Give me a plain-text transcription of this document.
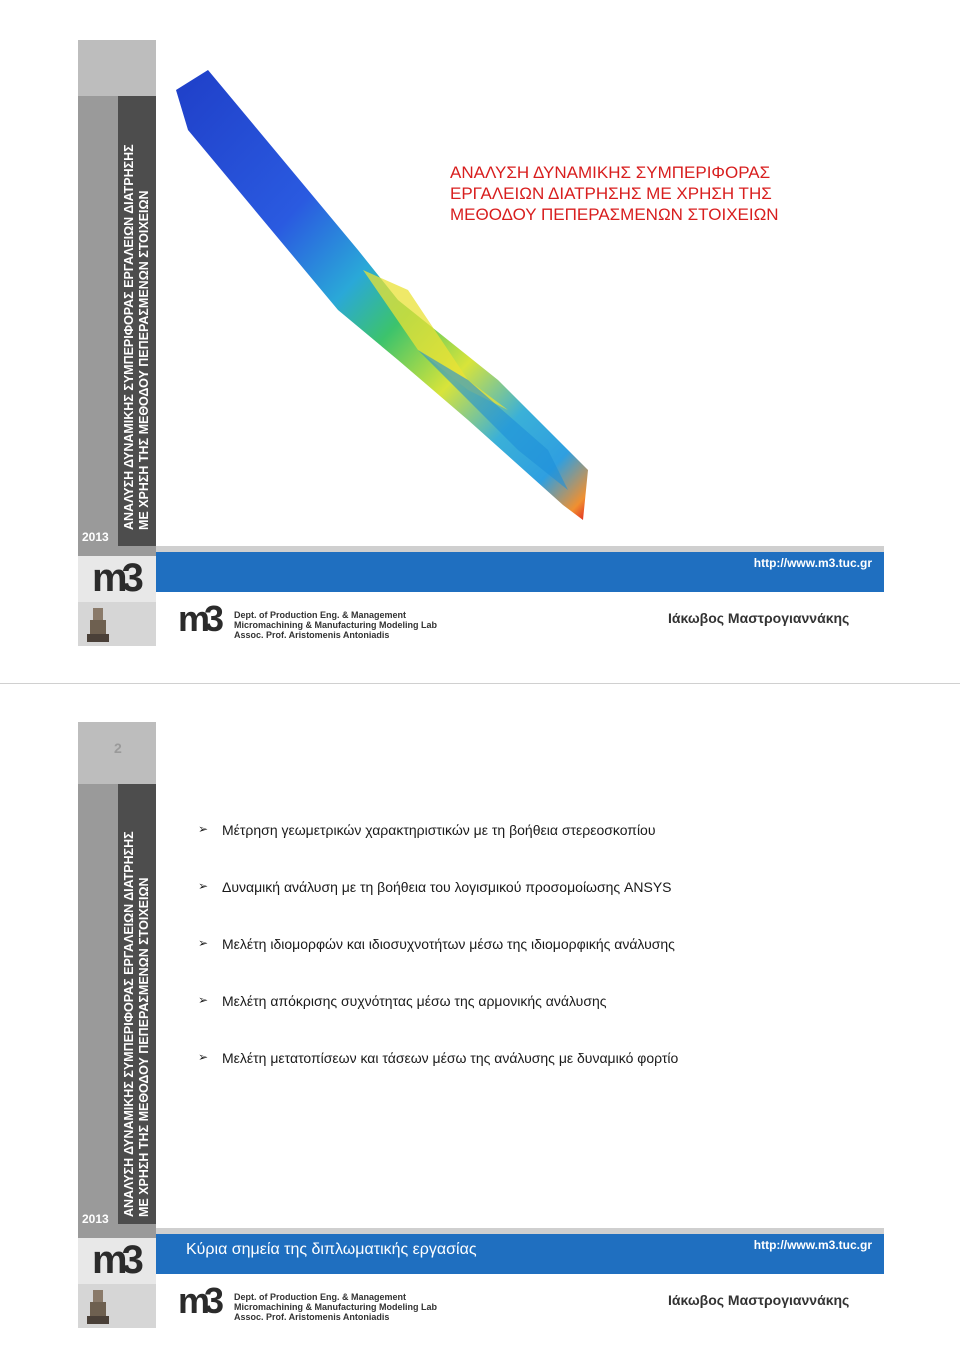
ΑΝΑΛΥΣΗ ΔΥΝΑΜΙΚΗΣ ΣΥΜΠΕΡΙΦΟΡΑΣ ΕΡΓΑΛΕΙΩΝ ΔΙΑΤΡΗΣΗΣ ΜΕ ΧΡΗΣΗ ΤΗΣ ΜΕΘΟΔΟΥ ΠΕΠΕΡΑΣΜΕΝΩΝ ΣΤΟΙΧΕΙΩΝ
2013
m3
ΑΝΑΛΥΣΗ ΔΥΝΑΜΙΚΗΣ ΣΥΜΠΕΡΙΦΟΡΑΣ
ΕΡΓΑΛΕΙΩΝ ΔΙΑΤΡΗΣΗΣ ΜΕ ΧΡΗΣΗ ΤΗΣ
ΜΕΘΟΔΟΥ ΠΕΠΕΡΑΣΜΕΝΩΝ ΣΤΟΙΧΕΙΩΝ
http://www.m3.tuc.gr
m3 Dept. of Production Eng. & Management
Micromachining & Manufacturing Modeling Lab
Assoc. Prof. Aristomenis Antoniadis
Ιάκωβος Μαστρογιαννάκης
2
ΑΝΑΛΥΣΗ ΔΥΝΑΜΙΚΗΣ ΣΥΜΠΕΡΙΦΟΡΑΣ ΕΡΓΑΛΕΙΩΝ ΔΙΑΤΡΗΣΗΣ ΜΕ ΧΡΗΣΗ ΤΗΣ ΜΕΘΟΔΟΥ ΠΕΠΕΡΑΣΜΕΝΩΝ ΣΤΟΙΧΕΙΩΝ
2013
m3
➢ Μέτρηση γεωμετρικών χαρακτηριστικών με τη βοήθεια στερεοσκοπίου
➢ Δυναμική ανάλυση με τη βοήθεια του λογισμικού προσομοίωσης ANSYS
➢ Μελέτη ιδιομορφών και ιδιοσυχνοτήτων μέσω της ιδιομορφικής ανάλυσης
➢ Μελέτη απόκρισης συχνότητας μέσω της αρμονικής ανάλυσης
➢ Μελέτη μετατοπίσεων και τάσεων μέσω της ανάλυσης με δυναμικό φορτίο
Κύρια σημεία της διπλωματικής εργασίας	http://www.m3.tuc.gr
m3 Dept. of Production Eng. & Management
Micromachining & Manufacturing Modeling Lab
Assoc. Prof. Aristomenis Antoniadis
Ιάκωβος Μαστρογιαννάκης
